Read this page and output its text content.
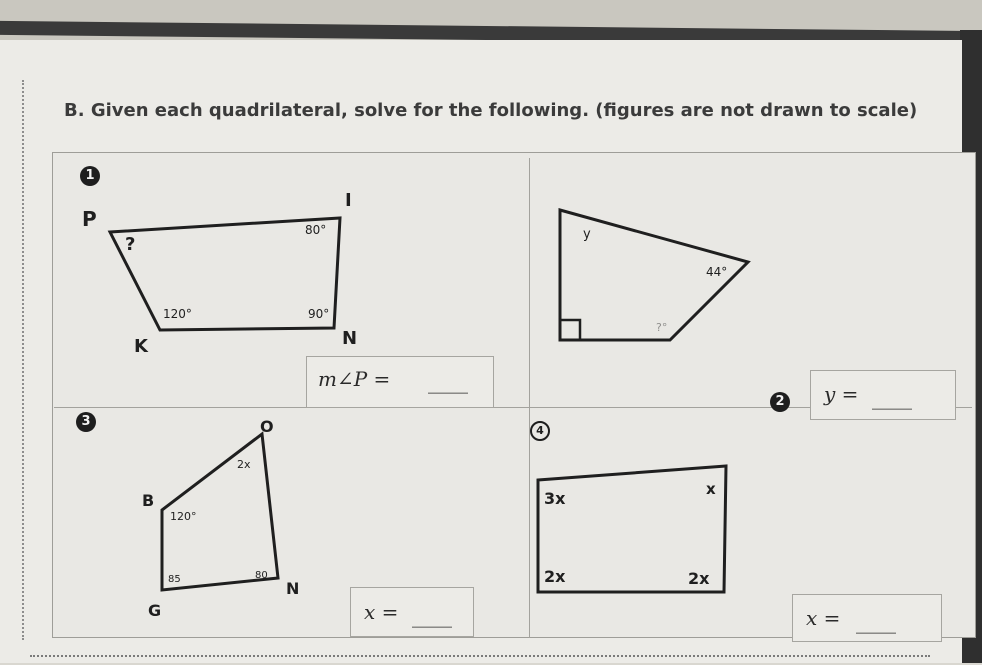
B. Given each quadrilateral, solve for the following. (figures are not drawn to scale)
1
2
3
4
P
I
K	N
?
80°
120°	90°
y
44°
?°
O
B
G
N
2x
120°
85	80
3x	x
2x	2x
m∠P = ____	y = ____
x = ____	x = ____
